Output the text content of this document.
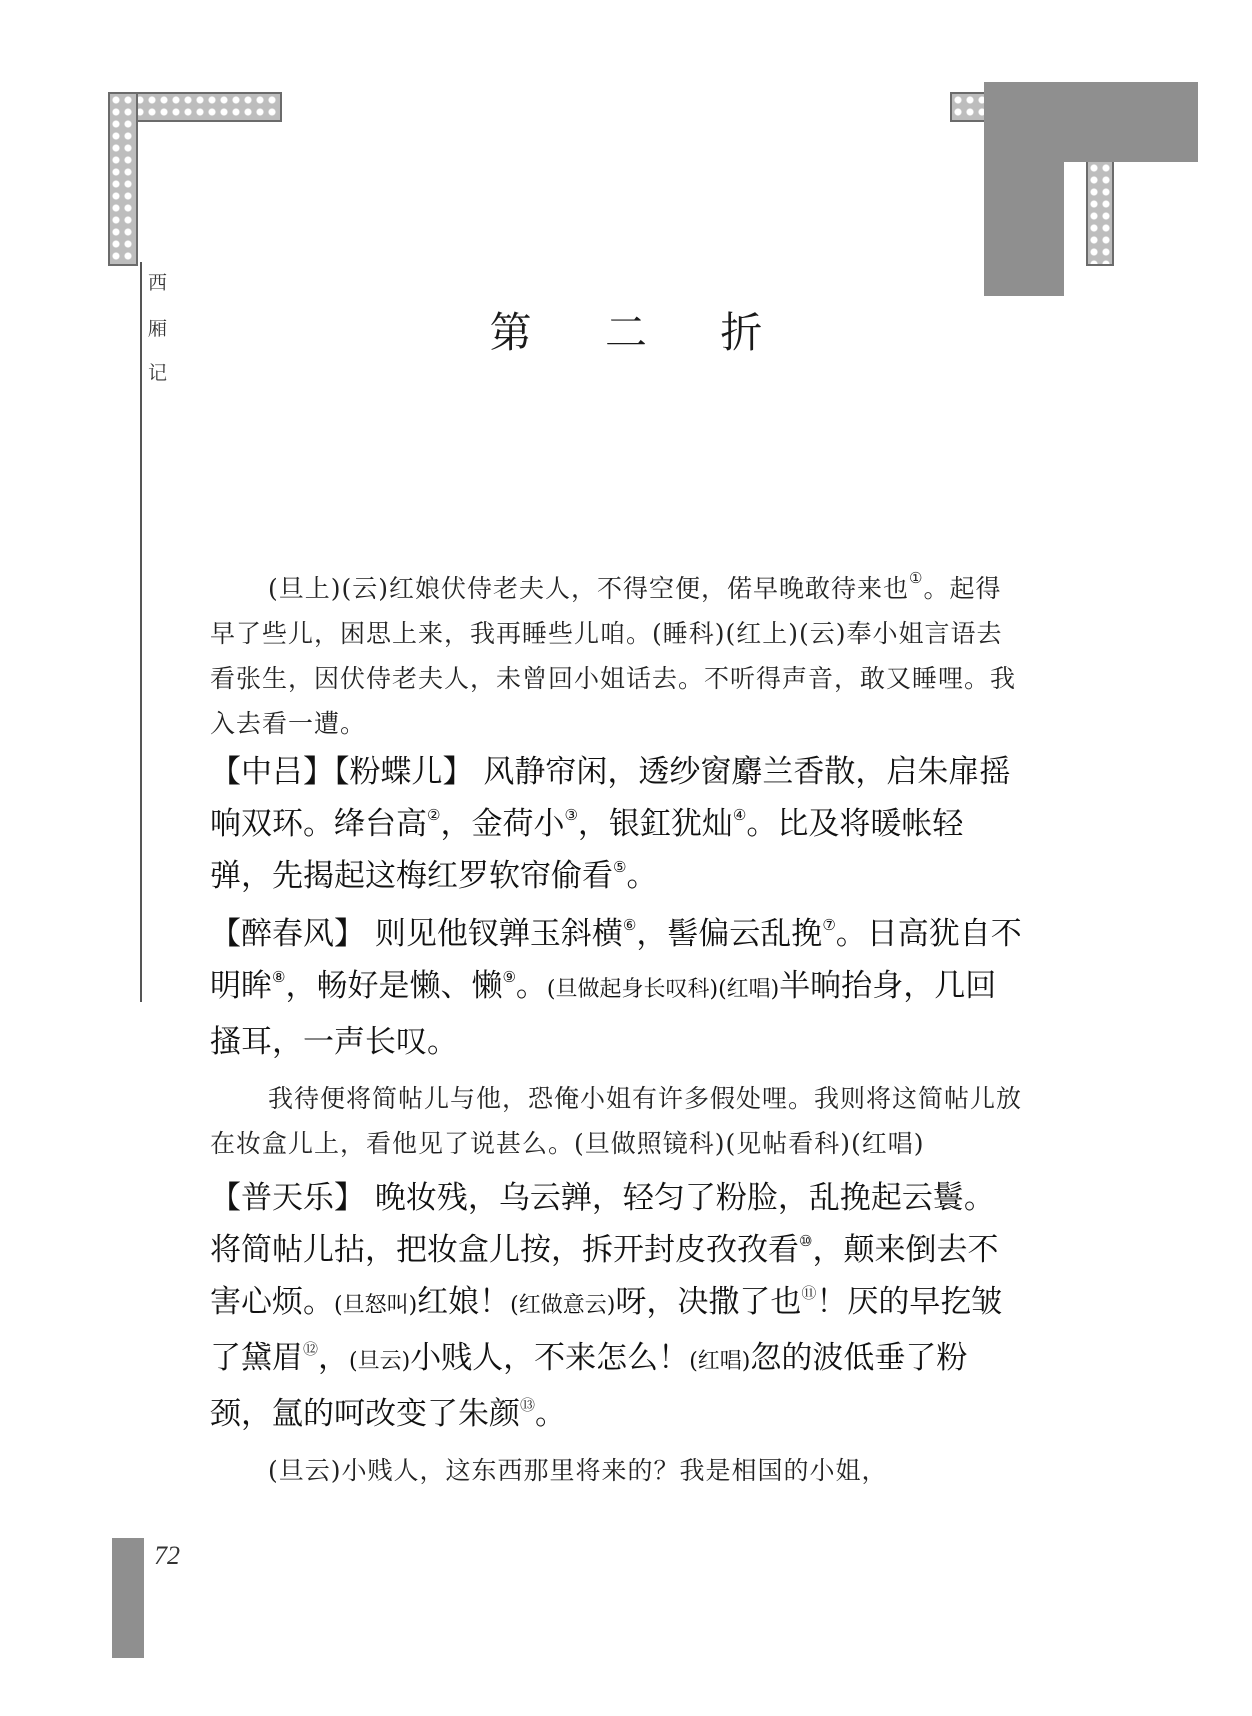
西
厢
记
第 二 折

(旦上)(云)红娘伏侍老夫人，不得空便，偌早晚敢待来也①。起得早了些儿，困思上来，我再睡些儿咱。(睡科)(红上)(云)奉小姐言语去看张生，因伏侍老夫人，未曾回小姐话去。不听得声音，敢又睡哩。我入去看一遭。

【中吕】【粉蝶儿】 风静帘闲，透纱窗麝兰香散，启朱扉摇响双环。绛台高②，金荷小③，银釭犹灿④。比及将暖帐轻弹，先揭起这梅红罗软帘偷看⑤。

【醉春风】 则见他钗亸玉斜横⑥，髻偏云乱挽⑦。日高犹自不明眸⑧，畅好是懒、懒⑨。(旦做起身长叹科)(红唱)半晌抬身，几回搔耳，一声长叹。

我待便将简帖儿与他，恐俺小姐有许多假处哩。我则将这简帖儿放在妆盒儿上，看他见了说甚么。(旦做照镜科)(见帖看科)(红唱)

【普天乐】 晚妆残，乌云亸，轻匀了粉脸，乱挽起云鬟。将简帖儿拈，把妆盒儿按，拆开封皮孜孜看⑩，颠来倒去不害心烦。(旦怒叫)红娘！(红做意云)呀，决撒了也⑪！厌的早扢皱了黛眉⑫，(旦云)小贱人，不来怎么！(红唱)忽的波低垂了粉颈，氲的呵改变了朱颜⑬。

(旦云)小贱人，这东西那里将来的？我是相国的小姐，

72
